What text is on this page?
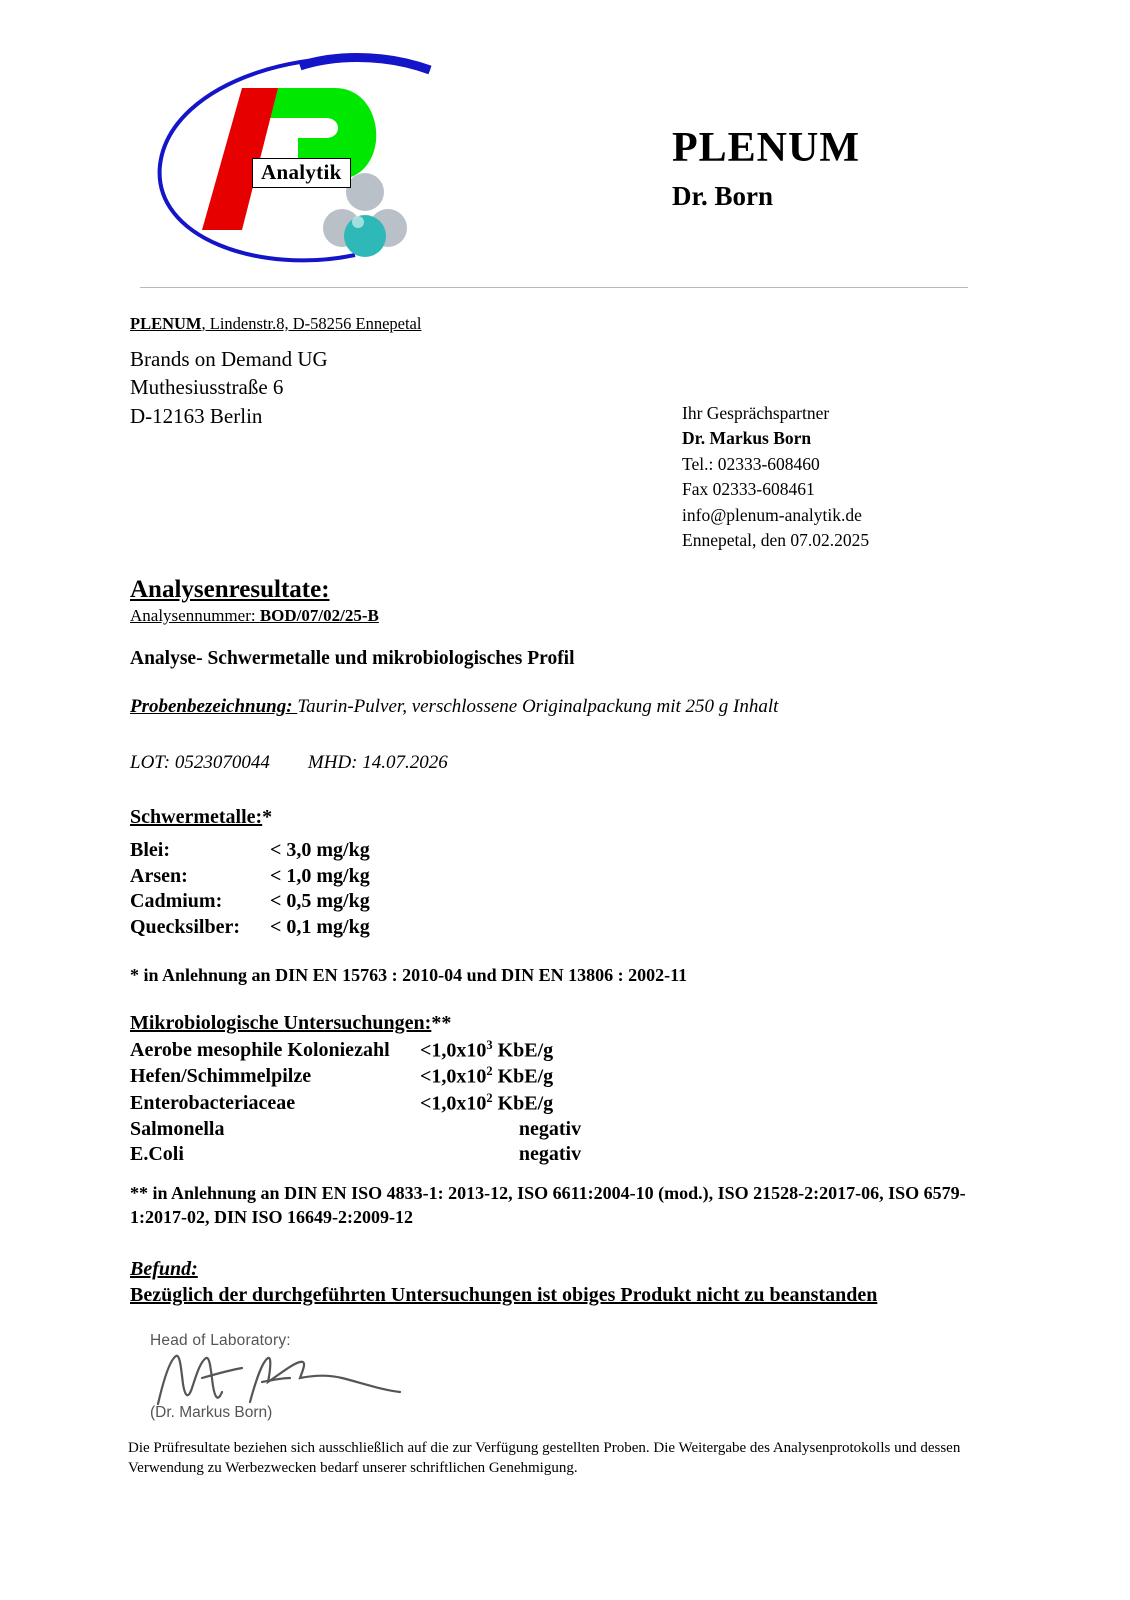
Analytik
PLENUM
Dr. Born
PLENUM, Lindenstr.8, D-58256 Ennepetal
Brands on Demand UG
Muthesiusstraße 6
D-12163 Berlin	Ihr Gesprächspartner
Dr. Markus Born
Tel.: 02333-608460
Fax 02333-608461
info@plenum-analytik.de
Ennepetal, den 07.02.2025
Analysenresultate:
Analysennummer: BOD/07/02/25-B
Analyse- Schwermetalle und mikrobiologisches Profil
Probenbezeichnung: Taurin-Pulver, verschlossene Originalpackung mit 250 g Inhalt
LOT: 0523070044 MHD: 14.07.2026
Schwermetalle:*
Blei:	< 3,0 mg/kg
Arsen:	< 1,0 mg/kg
Cadmium:	< 0,5 mg/kg
Quecksilber:	< 0,1 mg/kg
* in Anlehnung an DIN EN 15763 : 2010-04 und DIN EN 13806 : 2002-11
Mikrobiologische Untersuchungen:**
Aerobe mesophile Koloniezahl	$<1,0x10^3$ KbE/g
Hefen/Schimmelpilze	$<1,0x10^2$ KbE/g
Enterobacteriaceae	$<1,0x10^2$ KbE/g
Salmonella	negativ
E.Coli	negativ
** in Anlehnung an DIN EN ISO 4833-1: 2013-12, ISO 6611:2004-10 (mod.), ISO 21528-2:2017-06, ISO 6579-1:2017-02, DIN ISO 16649-2:2009-12
Befund:
Bezüglich der durchgeführten Untersuchungen ist obiges Produkt nicht zu beanstanden
Head of Laboratory:
(Dr. Markus Born)
Die Prüfresultate beziehen sich ausschließlich auf die zur Verfügung gestellten Proben. Die Weitergabe des Analysenprotokolls und dessen Verwendung zu Werbezwecken bedarf unserer schriftlichen Genehmigung.
